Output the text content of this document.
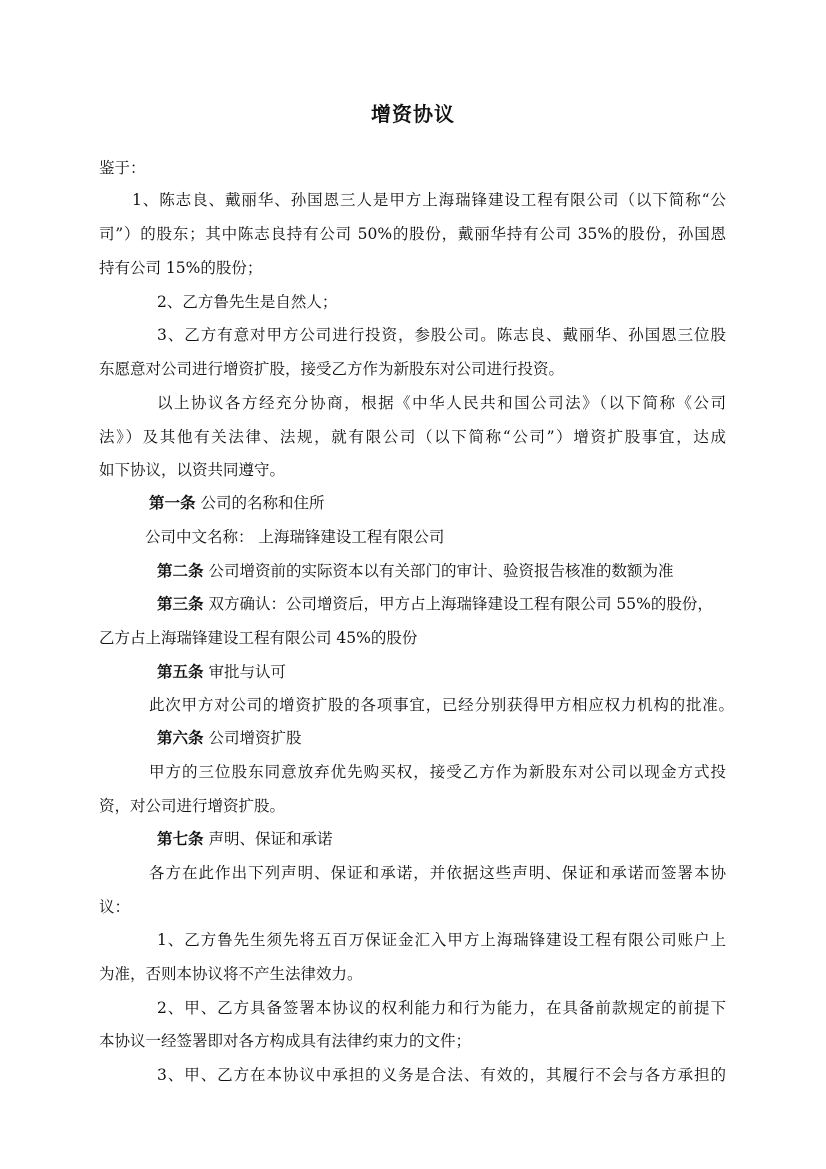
增资协议
鉴于：
1、陈志良、戴丽华、孙国恩三人是甲方上海瑞锋建设工程有限公司（以下简称“公
司”）的股东；其中陈志良持有公司 50%的股份，戴丽华持有公司 35%的股份，孙国恩
持有公司 15%的股份；
2、乙方鲁先生是自然人；
3、乙方有意对甲方公司进行投资，参股公司。陈志良、戴丽华、孙国恩三位股
东愿意对公司进行增资扩股，接受乙方作为新股东对公司进行投资。
以上协议各方经充分协商，根据《中华人民共和国公司法》（以下简称《公司
法》）及其他有关法律、法规，就有限公司（以下简称“公司”）增资扩股事宜，达成
如下协议，以资共同遵守。
第一条 公司的名称和住所
公司中文名称： 上海瑞锋建设工程有限公司
第二条 公司增资前的实际资本以有关部门的审计、验资报告核准的数额为准
第三条 双方确认：公司增资后，甲方占上海瑞锋建设工程有限公司 55%的股份，
乙方占上海瑞锋建设工程有限公司 45%的股份
第五条 审批与认可
此次甲方对公司的增资扩股的各项事宜，已经分别获得甲方相应权力机构的批准。
第六条 公司增资扩股
甲方的三位股东同意放弃优先购买权，接受乙方作为新股东对公司以现金方式投
资，对公司进行增资扩股。
第七条 声明、保证和承诺
各方在此作出下列声明、保证和承诺，并依据这些声明、保证和承诺而签署本协
议：
1、乙方鲁先生须先将五百万保证金汇入甲方上海瑞锋建设工程有限公司账户上
为准，否则本协议将不产生法律效力。
2、甲、乙方具备签署本协议的权利能力和行为能力，在具备前款规定的前提下
本协议一经签署即对各方构成具有法律约束力的文件；
3、甲、乙方在本协议中承担的义务是合法、有效的，其履行不会与各方承担的
